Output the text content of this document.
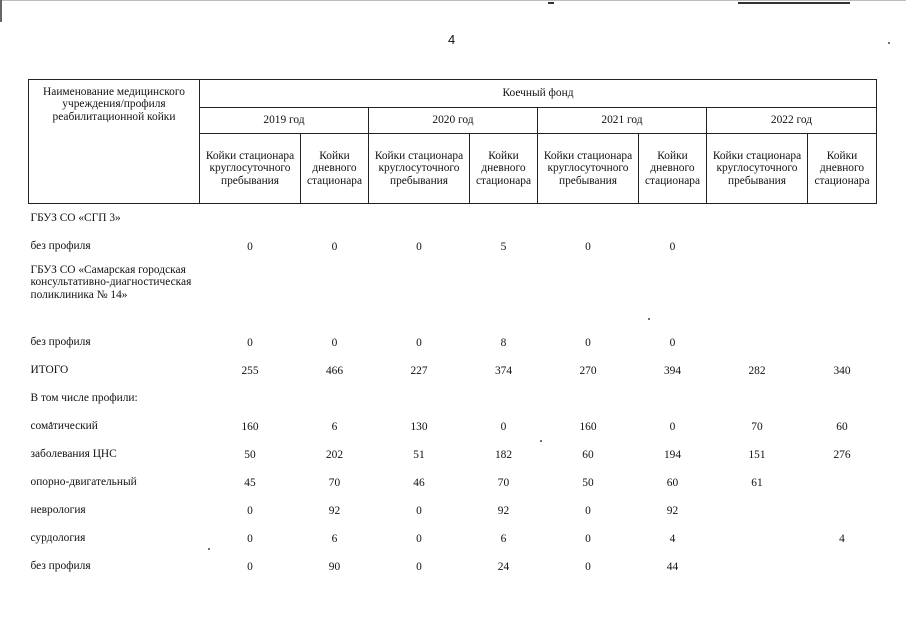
4
Наименование медицинского учреждения/профиля реабилитационной койки	Коечный фонд							
	2019 год		2020 год		2021 год		2022 год	
	Койки стационара круглосуточного пребывания	Койки дневного стационара	Койки стационара круглосуточного пребывания	Койки дневного стационара	Койки стационара круглосуточного пребывания	Койки дневного стационара	Койки стационара круглосуточного пребывания	Койки дневного стационара
ГБУЗ СО «СГП 3»								
без профиля	0	0	0	5	0	0		
ГБУЗ СО «Самарская городская консультативно-диагностическая поликлиника № 14»								
без профиля	0	0	0	8	0	0		
ИТОГО	255	466	227	374	270	394	282	340
В том числе профили:								
соматический	160	6	130	0	160	0	70	60
заболевания ЦНС	50	202	51	182	60	194	151	276
опорно-двигательный	45	70	46	70	50	60	61	
неврология	0	92	0	92	0	92		
сурдология	0	6	0	6	0	4		4
без профиля	0	90	0	24	0	44		
